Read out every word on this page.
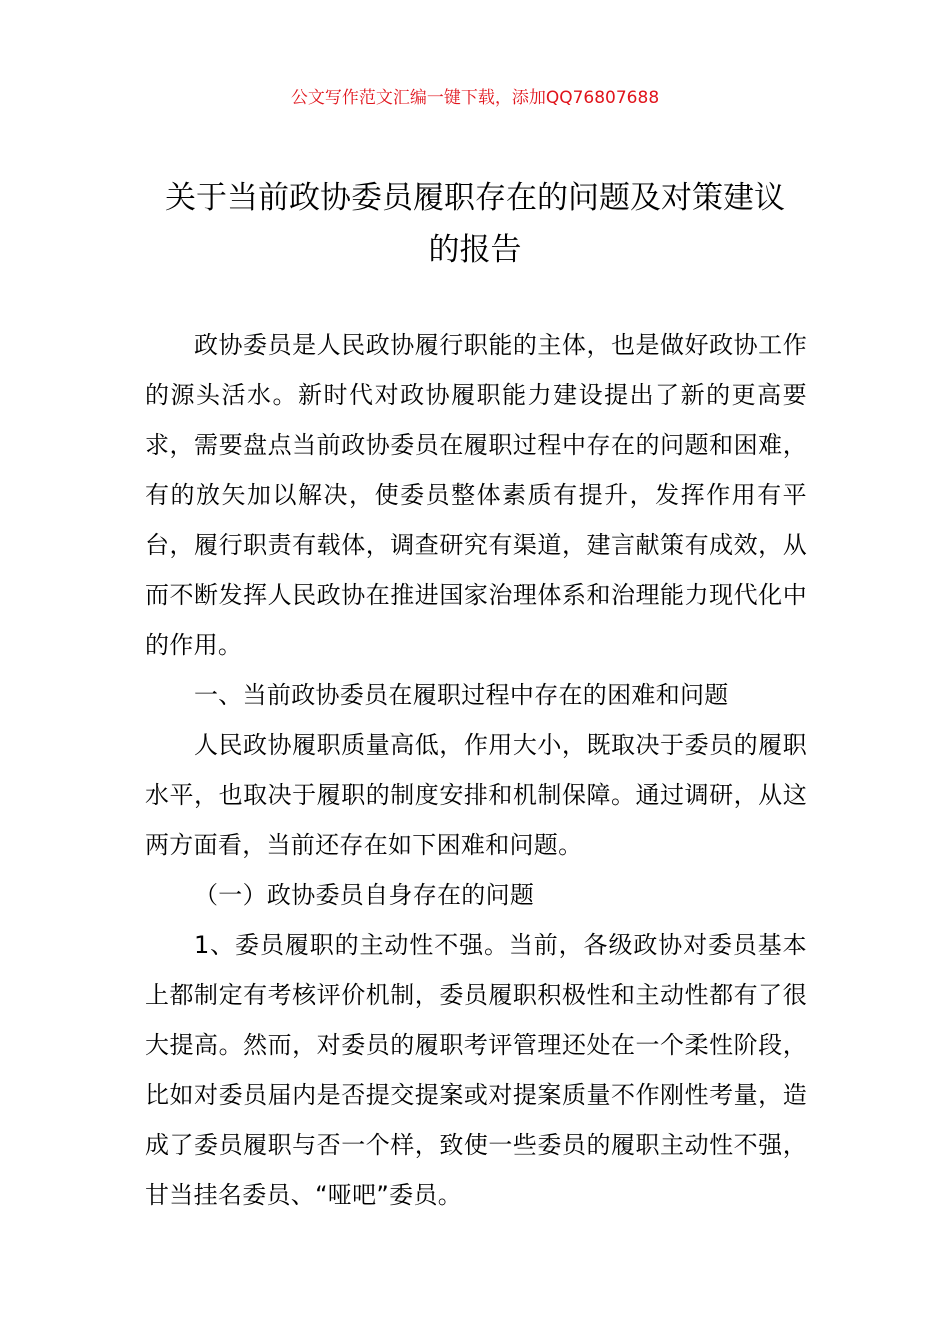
公文写作范文汇编一键下载，添加QQ76807688
关于当前政协委员履职存在的问题及对策建议的报告

政协委员是人民政协履行职能的主体，也是做好政协工作的源头活水。新时代对政协履职能力建设提出了新的更高要求，需要盘点当前政协委员在履职过程中存在的问题和困难，有的放矢加以解决，使委员整体素质有提升，发挥作用有平台，履行职责有载体，调查研究有渠道，建言献策有成效，从而不断发挥人民政协在推进国家治理体系和治理能力现代化中的作用。

一、当前政协委员在履职过程中存在的困难和问题

人民政协履职质量高低，作用大小，既取决于委员的履职水平，也取决于履职的制度安排和机制保障。通过调研，从这两方面看，当前还存在如下困难和问题。

（一）政协委员自身存在的问题

1、委员履职的主动性不强。当前，各级政协对委员基本上都制定有考核评价机制，委员履职积极性和主动性都有了很大提高。然而，对委员的履职考评管理还处在一个柔性阶段，比如对委员届内是否提交提案或对提案质量不作刚性考量，造成了委员履职与否一个样，致使一些委员的履职主动性不强，甘当挂名委员、“哑吧”委员。
